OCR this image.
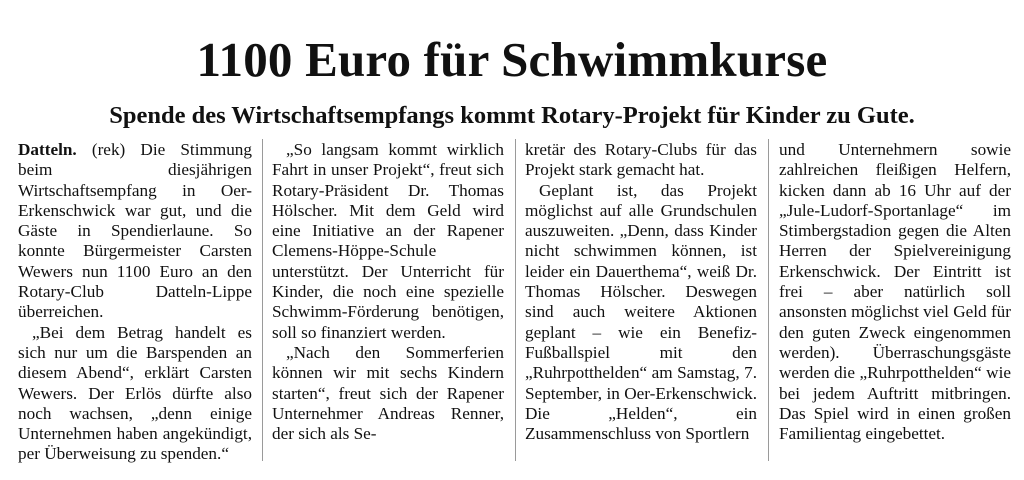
1100 Euro für Schwimmkurse
Spende des Wirtschaftsempfangs kommt Rotary-Projekt für Kinder zu Gute.

Datteln. (rek) Die Stimmung beim diesjährigen Wirtschaftsempfang in Oer-Erkenschwick war gut, und die Gäste in Spendierlaune. So konnte Bürgermeister Carsten Wewers nun 1100 Euro an den Rotary-Club Datteln-Lippe überreichen.

„Bei dem Betrag handelt es sich nur um die Barspenden an diesem Abend“, erklärt Carsten Wewers. Der Erlös dürfte also noch wachsen, „denn einige Unternehmen haben angekündigt, per Überweisung zu spenden.“

„So langsam kommt wirklich Fahrt in unser Projekt“, freut sich Rotary-Präsident Dr. Thomas Hölscher. Mit dem Geld wird eine Initiative an der Rapener Clemens-Höppe-Schule unterstützt. Der Unterricht für Kinder, die noch eine spezielle Schwimm-Förderung benötigen, soll so finanziert werden.

„Nach den Sommerferien können wir mit sechs Kindern starten“, freut sich der Rapener Unternehmer Andreas Renner, der sich als Se-

kretär des Rotary-Clubs für das Projekt stark gemacht hat.

Geplant ist, das Projekt möglichst auf alle Grundschulen auszuweiten. „Denn, dass Kinder nicht schwimmen können, ist leider ein Dauerthema“, weiß Dr. Thomas Hölscher. Deswegen sind auch weitere Aktionen geplant – wie ein Benefiz-Fußballspiel mit den „Ruhrpotthelden“ am Samstag, 7. September, in Oer-Erkenschwick. Die „Helden“, ein Zusammenschluss von Sportlern

und Unternehmern sowie zahlreichen fleißigen Helfern, kicken dann ab 16 Uhr auf der „Jule-Ludorf-Sportanlage“ im Stimbergstadion gegen die Alten Herren der Spielvereinigung Erkenschwick. Der Eintritt ist frei – aber natürlich soll ansonsten möglichst viel Geld für den guten Zweck eingenommen werden). Überraschungsgäste werden die „Ruhrpotthelden“ wie bei jedem Auftritt mitbringen. Das Spiel wird in einen großen Familientag eingebettet.
